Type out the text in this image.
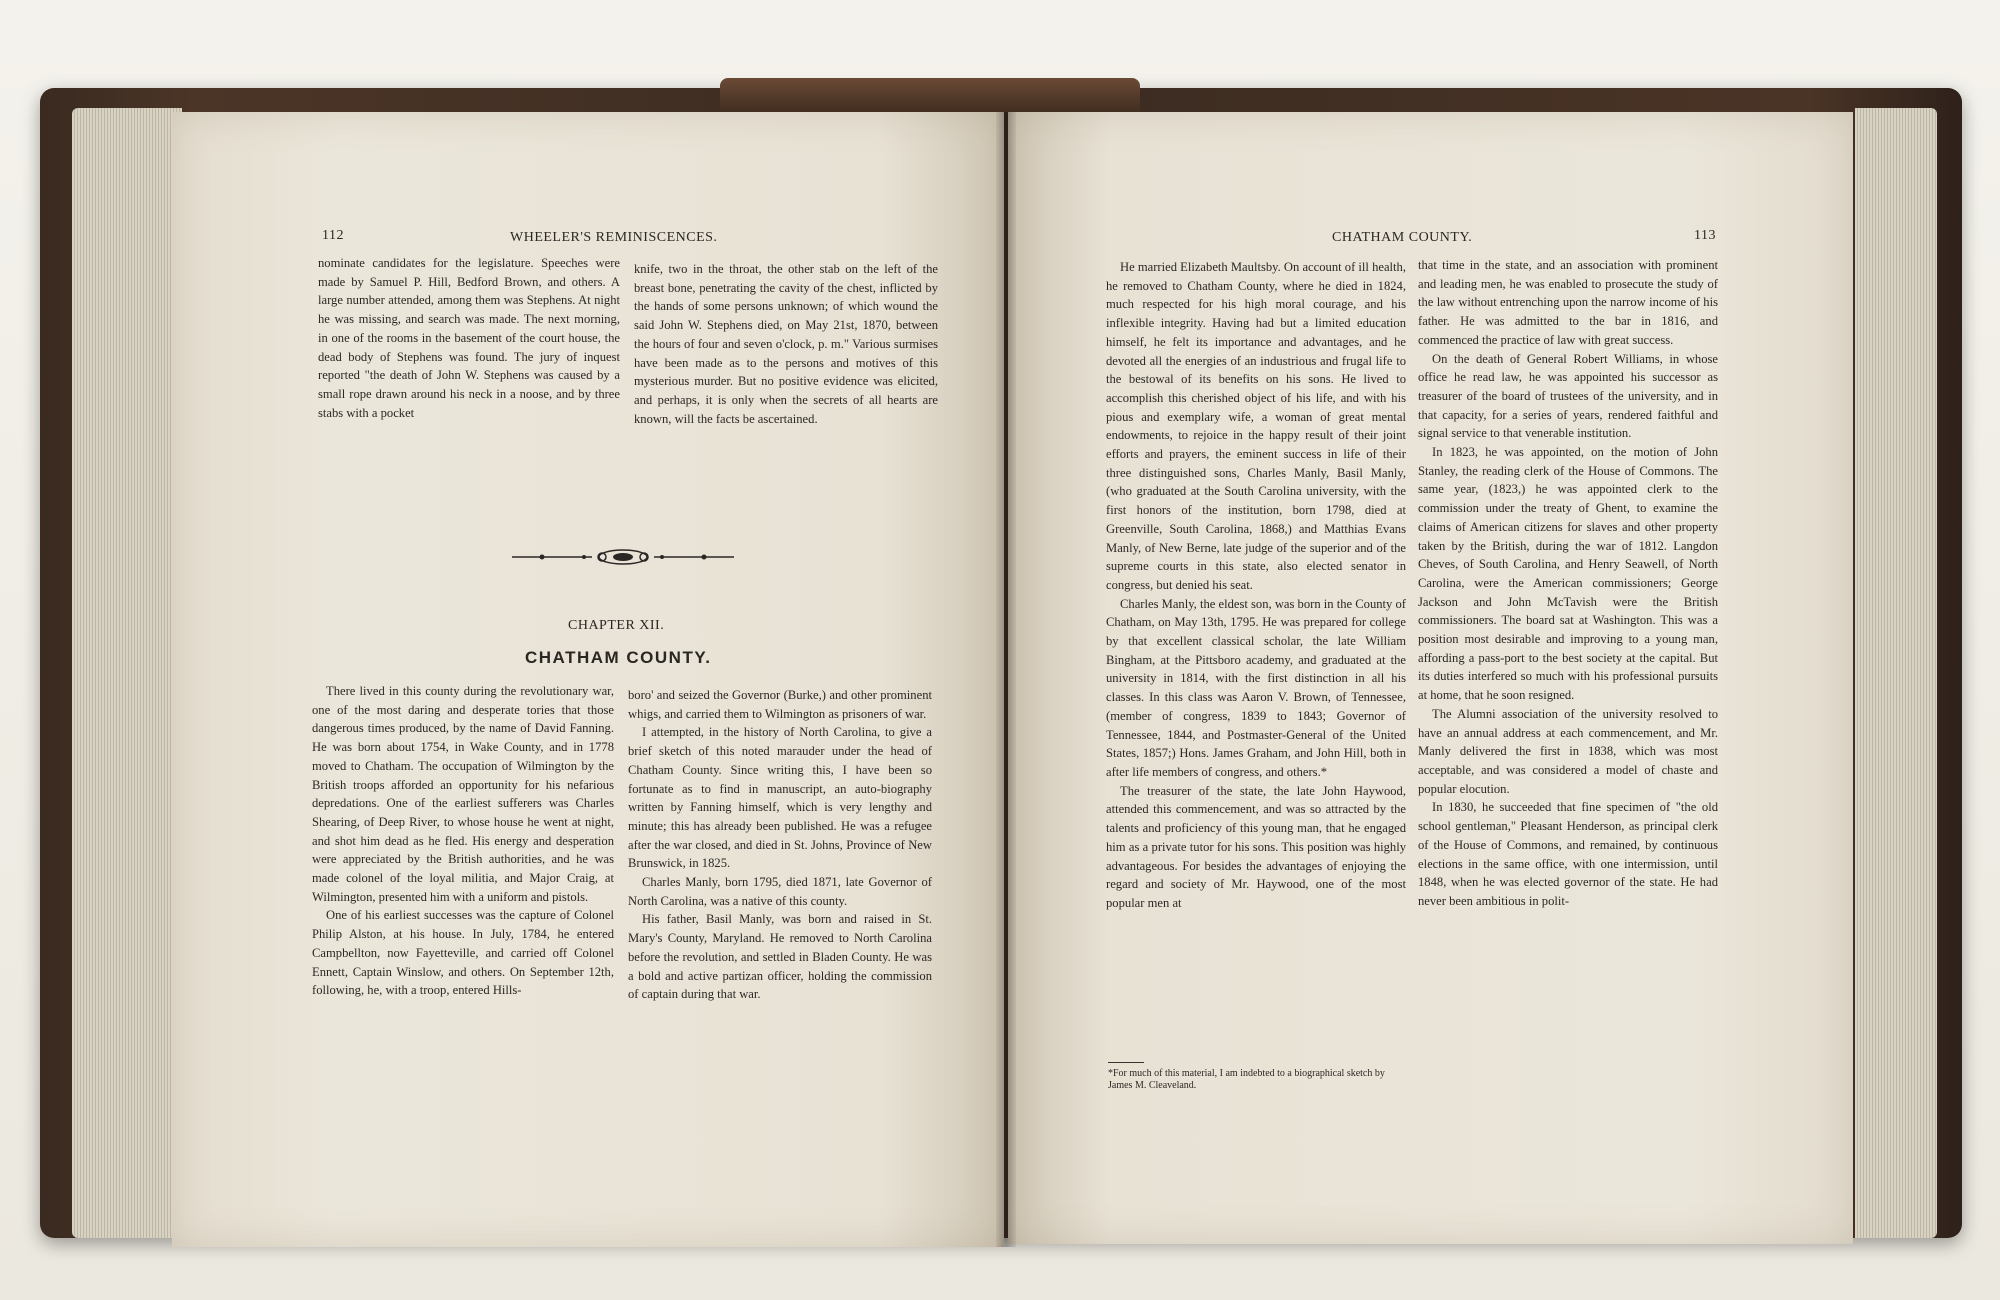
112	WHEELER'S REMINISCENCES.

nominate candidates for the legislature. Speeches were made by Samuel P. Hill, Bedford Brown, and others. A large number attended, among them was Stephens. At night he was missing, and search was made. The next morning, in one of the rooms in the basement of the court house, the dead body of Stephens was found. The jury of inquest reported "the death of John W. Stephens was caused by a small rope drawn around his neck in a noose, and by three stabs with a pocket

knife, two in the throat, the other stab on the left of the breast bone, penetrating the cavity of the chest, inflicted by the hands of some persons unknown; of which wound the said John W. Stephens died, on May 21st, 1870, between the hours of four and seven o'clock, p. m." Various surmises have been made as to the persons and motives of this mysterious murder. But no positive evidence was elicited, and perhaps, it is only when the secrets of all hearts are known, will the facts be ascertained.

CHAPTER XII.
CHATHAM COUNTY.

There lived in this county during the revolutionary war, one of the most daring and desperate tories that those dangerous times produced, by the name of David Fanning. He was born about 1754, in Wake County, and in 1778 moved to Chatham. The occupation of Wilmington by the British troops afforded an opportunity for his nefarious depredations. One of the earliest sufferers was Charles Shearing, of Deep River, to whose house he went at night, and shot him dead as he fled. His energy and desperation were appreciated by the British authorities, and he was made colonel of the loyal militia, and Major Craig, at Wilmington, presented him with a uniform and pistols.

One of his earliest successes was the capture of Colonel Philip Alston, at his house. In July, 1784, he entered Campbellton, now Fayetteville, and carried off Colonel Ennett, Captain Winslow, and others. On September 12th, following, he, with a troop, entered Hills-

boro' and seized the Governor (Burke,) and other prominent whigs, and carried them to Wilmington as prisoners of war.

I attempted, in the history of North Carolina, to give a brief sketch of this noted marauder under the head of Chatham County. Since writing this, I have been so fortunate as to find in manuscript, an auto-biography written by Fanning himself, which is very lengthy and minute; this has already been published. He was a refugee after the war closed, and died in St. Johns, Province of New Brunswick, in 1825.

Charles Manly, born 1795, died 1871, late Governor of North Carolina, was a native of this county.

His father, Basil Manly, was born and raised in St. Mary's County, Maryland. He removed to North Carolina before the revolution, and settled in Bladen County. He was a bold and active partizan officer, holding the commission of captain during that war.

CHATHAM COUNTY.	113

He married Elizabeth Maultsby. On account of ill health, he removed to Chatham County, where he died in 1824, much respected for his high moral courage, and his inflexible integrity. Having had but a limited education himself, he felt its importance and advantages, and he devoted all the energies of an industrious and frugal life to the bestowal of its benefits on his sons. He lived to accomplish this cherished object of his life, and with his pious and exemplary wife, a woman of great mental endowments, to rejoice in the happy result of their joint efforts and prayers, the eminent success in life of their three distinguished sons, Charles Manly, Basil Manly, (who graduated at the South Carolina university, with the first honors of the institution, born 1798, died at Greenville, South Carolina, 1868,) and Matthias Evans Manly, of New Berne, late judge of the superior and of the supreme courts in this state, also elected senator in congress, but denied his seat.

Charles Manly, the eldest son, was born in the County of Chatham, on May 13th, 1795. He was prepared for college by that excellent classical scholar, the late William Bingham, at the Pittsboro academy, and graduated at the university in 1814, with the first distinction in all his classes. In this class was Aaron V. Brown, of Tennessee, (member of congress, 1839 to 1843; Governor of Tennessee, 1844, and Postmaster-General of the United States, 1857;) Hons. James Graham, and John Hill, both in after life members of congress, and others.*

The treasurer of the state, the late John Haywood, attended this commencement, and was so attracted by the talents and proficiency of this young man, that he engaged him as a private tutor for his sons. This position was highly advantageous. For besides the advantages of enjoying the regard and society of Mr. Haywood, one of the most popular men at

*For much of this material, I am indebted to a biographical sketch by James M. Cleaveland.

that time in the state, and an association with prominent and leading men, he was enabled to prosecute the study of the law without entrenching upon the narrow income of his father. He was admitted to the bar in 1816, and commenced the practice of law with great success.

On the death of General Robert Williams, in whose office he read law, he was appointed his successor as treasurer of the board of trustees of the university, and in that capacity, for a series of years, rendered faithful and signal service to that venerable institution.

In 1823, he was appointed, on the motion of John Stanley, the reading clerk of the House of Commons. The same year, (1823,) he was appointed clerk to the commission under the treaty of Ghent, to examine the claims of American citizens for slaves and other property taken by the British, during the war of 1812. Langdon Cheves, of South Carolina, and Henry Seawell, of North Carolina, were the American commissioners; George Jackson and John McTavish were the British commissioners. The board sat at Washington. This was a position most desirable and improving to a young man, affording a pass-port to the best society at the capital. But its duties interfered so much with his professional pursuits at home, that he soon resigned.

The Alumni association of the university resolved to have an annual address at each commencement, and Mr. Manly delivered the first in 1838, which was most acceptable, and was considered a model of chaste and popular elocution.

In 1830, he succeeded that fine specimen of "the old school gentleman," Pleasant Henderson, as principal clerk of the House of Commons, and remained, by continuous elections in the same office, with one intermission, until 1848, when he was elected governor of the state. He had never been ambitious in polit-
